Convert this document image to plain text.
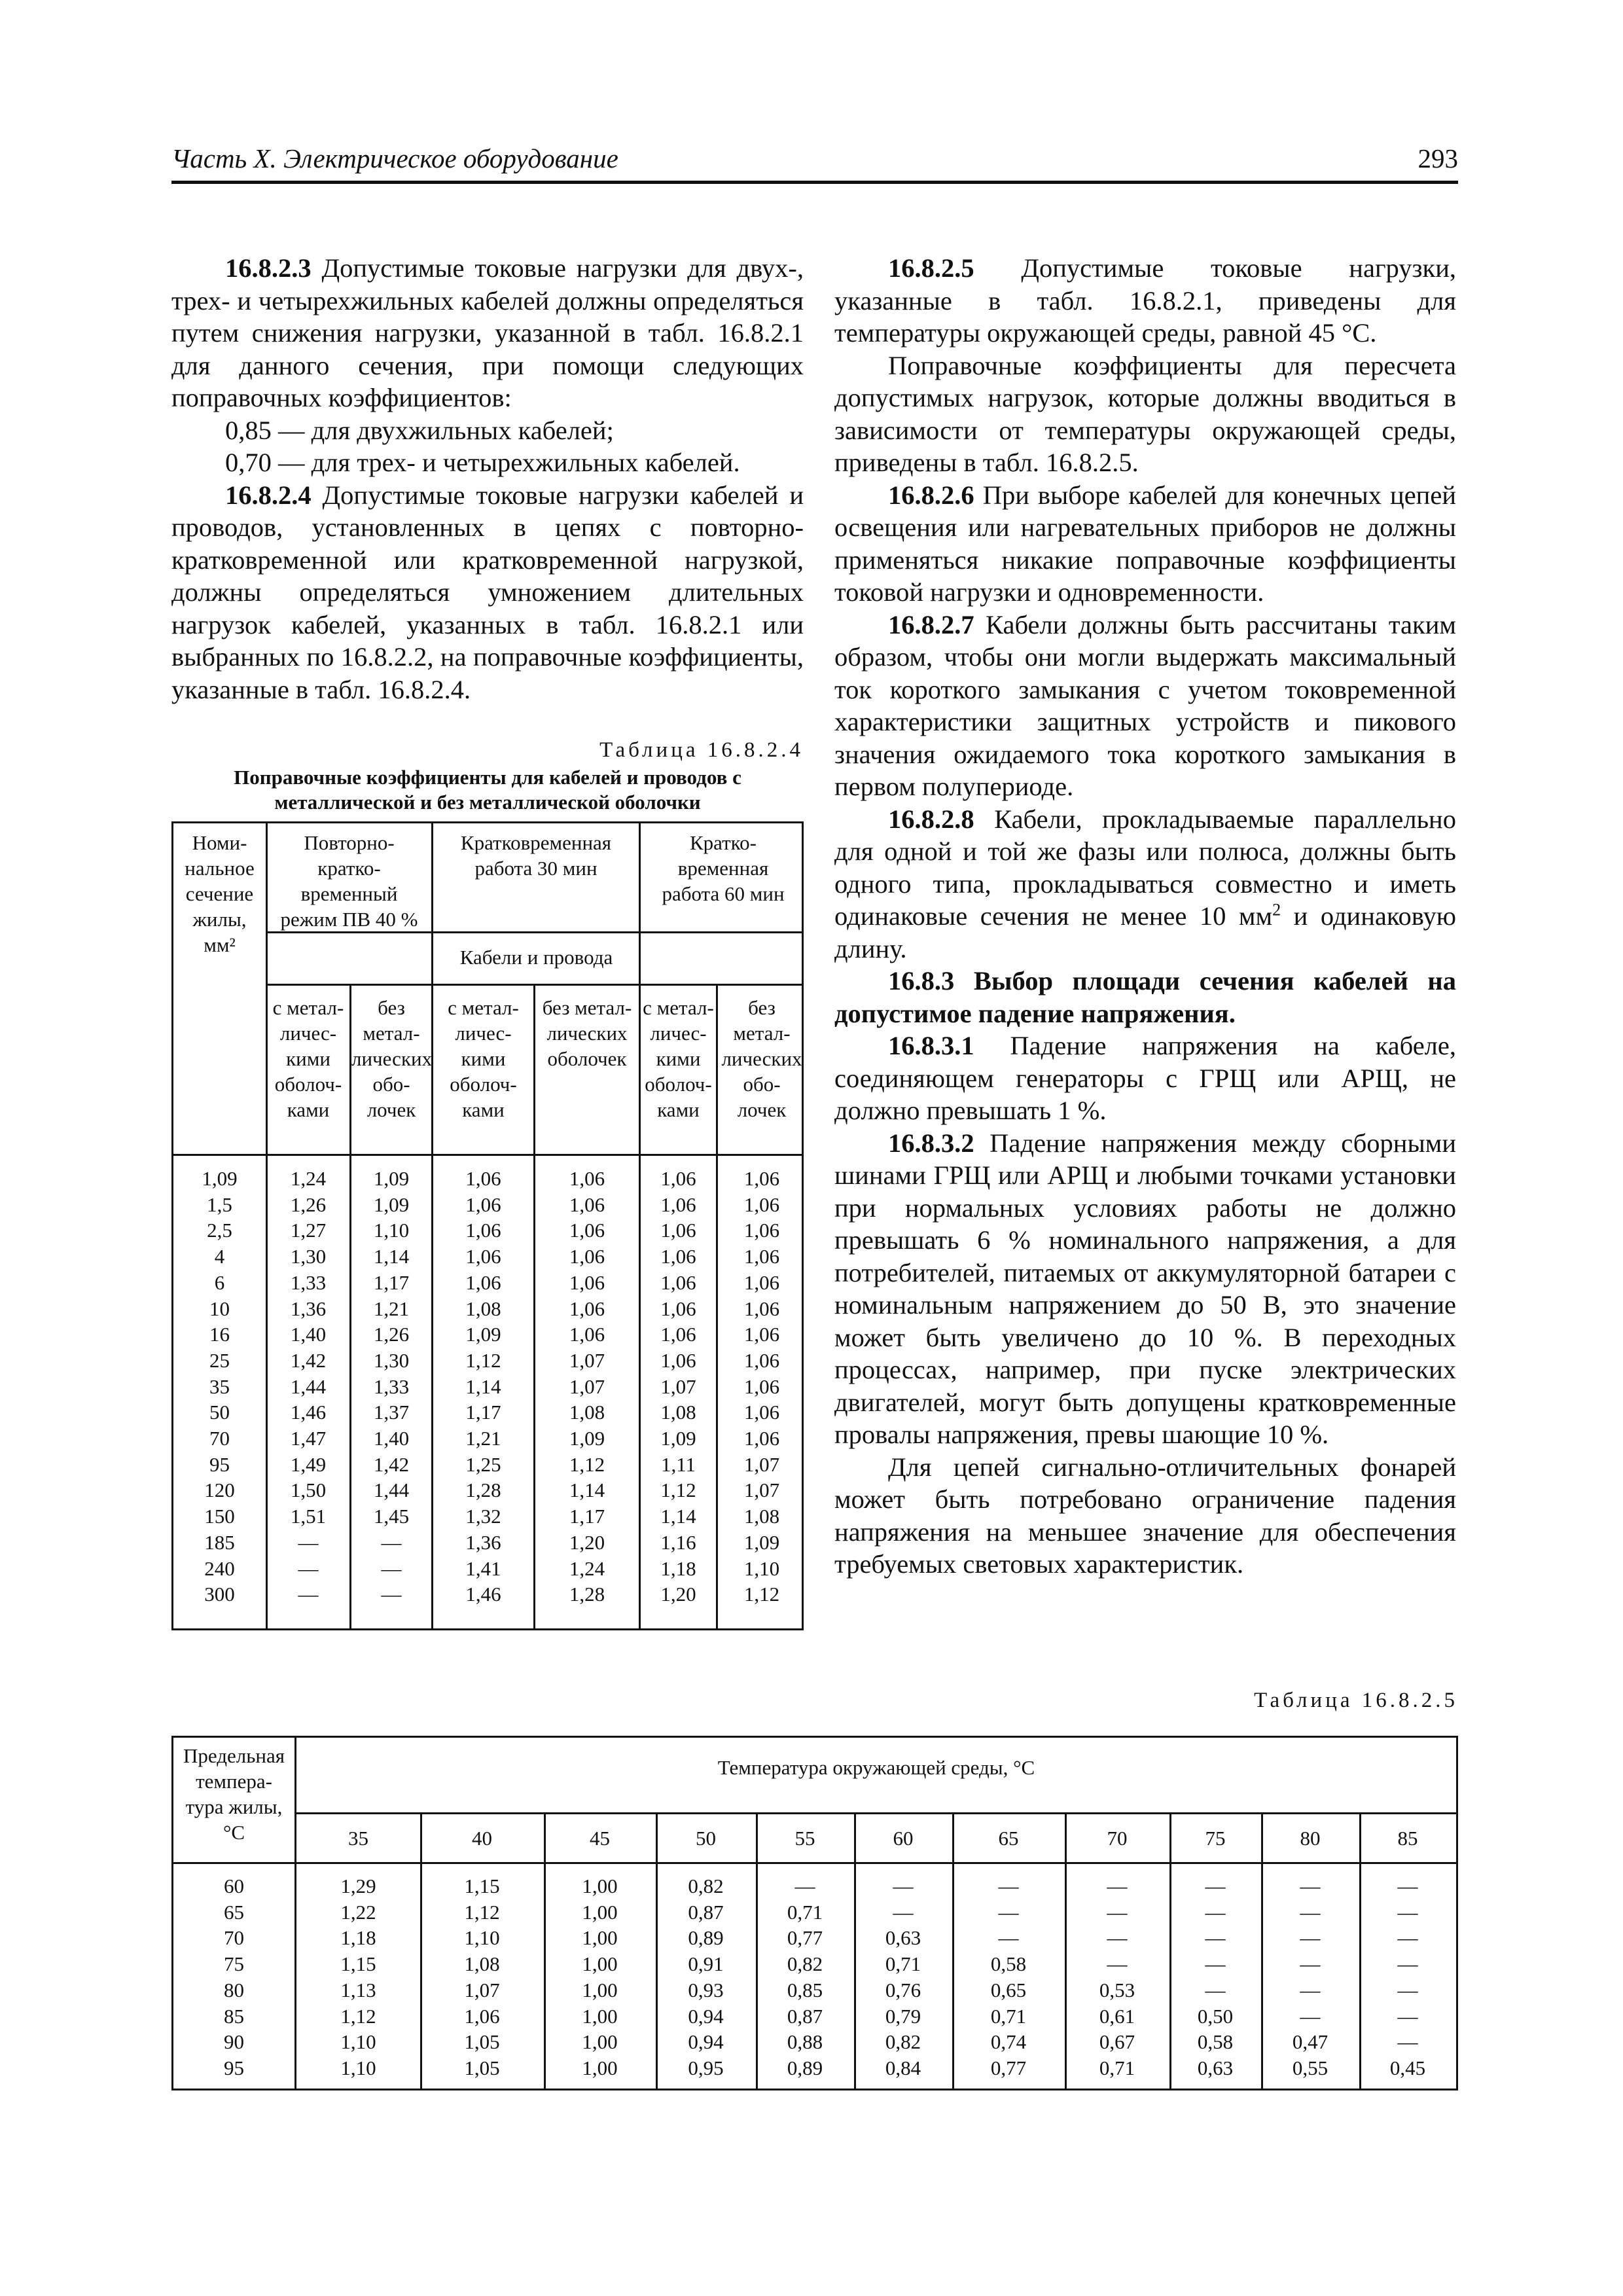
Часть X. Электрическое оборудование	293

16.8.2.3 Допустимые токовые нагрузки для двух-, трех- и четырехжильных кабелей должны определяться путем снижения нагрузки, указанной в табл. 16.8.2.1 для данного сечения, при помощи следующих поправочных коэффициентов:

0,85 — для двухжильных кабелей;

0,70 — для трех- и четырехжильных кабелей.

16.8.2.4 Допустимые токовые нагрузки кабелей и проводов, установленных в цепях с повторно-кратковременной или кратковременной нагрузкой, должны определяться умножением длительных нагрузок кабелей, указанных в табл. 16.8.2.1 или выбранных по 16.8.2.2, на поправочные коэффициенты, указанные в табл. 16.8.2.4.

16.8.2.5 Допустимые токовые нагрузки, указанные в табл. 16.8.2.1, приведены для температуры окружающей среды, равной 45 °С.

Поправочные коэффициенты для пересчета допустимых нагрузок, которые должны вводиться в зависимости от температуры окружающей среды, приведены в табл. 16.8.2.5.

16.8.2.6 При выборе кабелей для конечных цепей освещения или нагревательных приборов не должны применяться никакие поправочные коэффициенты токовой нагрузки и одновременности.

16.8.2.7 Кабели должны быть рассчитаны таким образом, чтобы они могли выдержать максимальный ток короткого замыкания с учетом токовременной характеристики защитных устройств и пикового значения ожидаемого тока короткого замыкания в первом полупериоде.

16.8.2.8 Кабели, прокладываемые параллельно для одной и той же фазы или полюса, должны быть одного типа, прокладываться совместно и иметь одинаковые сечения не менее 10 $мм^2$ и одинаковую длину.

16.8.3 Выбор площади сечения кабелей на допустимое падение напряжения.

16.8.3.1 Падение напряжения на кабеле, соединяющем генераторы с ГРЩ или АРЩ, не должно превышать 1 %.

16.8.3.2 Падение напряжения между сборными шинами ГРЩ или АРЩ и любыми точками установки при нормальных условиях работы не должно превышать 6 % номинального напряжения, а для потребителей, питаемых от аккумуляторной батареи с номинальным напряжением до 50 В, это значение может быть увеличено до 10 %. В переходных процессах, например, при пуске электрических двигателей, могут быть допущены кратковременные провалы напряжения, превы шающие 10 %.

Для цепей сигнально-отличительных фонарей может быть потребовано ограничение падения напряжения на меньшее значение для обеспечения требуемых световых характеристик.

Таблица 16.8.2.4
Поправочные коэффициенты для кабелей и проводов с
металлической и без металлической оболочки
Номи-
нальное
сечение
жилы,
мм²
Повторно-
кратко-
временный
режим ПВ 40 %
Кратковременная
работа 30 мин
Кратко-
временная
работа 60 мин
Кабели и провода
с метал-
личес-
кими
оболоч-
ками
без
метал-
лических
обо-
лочек
с метал-
личес-
кими
оболоч-
ками
без метал-
лических
оболочек
с метал-
личес-
кими
оболоч-
ками
без
метал-
лических
обо-
лочек
1,09
1,5
2,5
4
6
10
16
25
35
50
70
95
120
150
185
240
300
1,24
1,26
1,27
1,30
1,33
1,36
1,40
1,42
1,44
1,46
1,47
1,49
1,50
1,51
—
—
—
1,09
1,09
1,10
1,14
1,17
1,21
1,26
1,30
1,33
1,37
1,40
1,42
1,44
1,45
—
—
—
1,06
1,06
1,06
1,06
1,06
1,08
1,09
1,12
1,14
1,17
1,21
1,25
1,28
1,32
1,36
1,41
1,46
1,06
1,06
1,06
1,06
1,06
1,06
1,06
1,07
1,07
1,08
1,09
1,12
1,14
1,17
1,20
1,24
1,28
1,06
1,06
1,06
1,06
1,06
1,06
1,06
1,06
1,07
1,08
1,09
1,11
1,12
1,14
1,16
1,18
1,20
1,06
1,06
1,06
1,06
1,06
1,06
1,06
1,06
1,06
1,06
1,06
1,07
1,07
1,08
1,09
1,10
1,12
Таблица 16.8.2.5
Предельная
темпера-
тура жилы,
°С
Температура окружающей среды, °С
60
65
70
75
80
85
90
95
35
1,29
1,22
1,18
1,15
1,13
1,12
1,10
1,10
40
1,15
1,12
1,10
1,08
1,07
1,06
1,05
1,05
45
1,00
1,00
1,00
1,00
1,00
1,00
1,00
1,00
50
0,82
0,87
0,89
0,91
0,93
0,94
0,94
0,95
55
—
0,71
0,77
0,82
0,85
0,87
0,88
0,89
60
—
—
0,63
0,71
0,76
0,79
0,82
0,84
65
—
—
—
0,58
0,65
0,71
0,74
0,77
70
—
—
—
—
0,53
0,61
0,67
0,71
75
—
—
—
—
—
0,50
0,58
0,63
80
—
—
—
—
—
—
0,47
0,55
85
—
—
—
—
—
—
—
0,45
